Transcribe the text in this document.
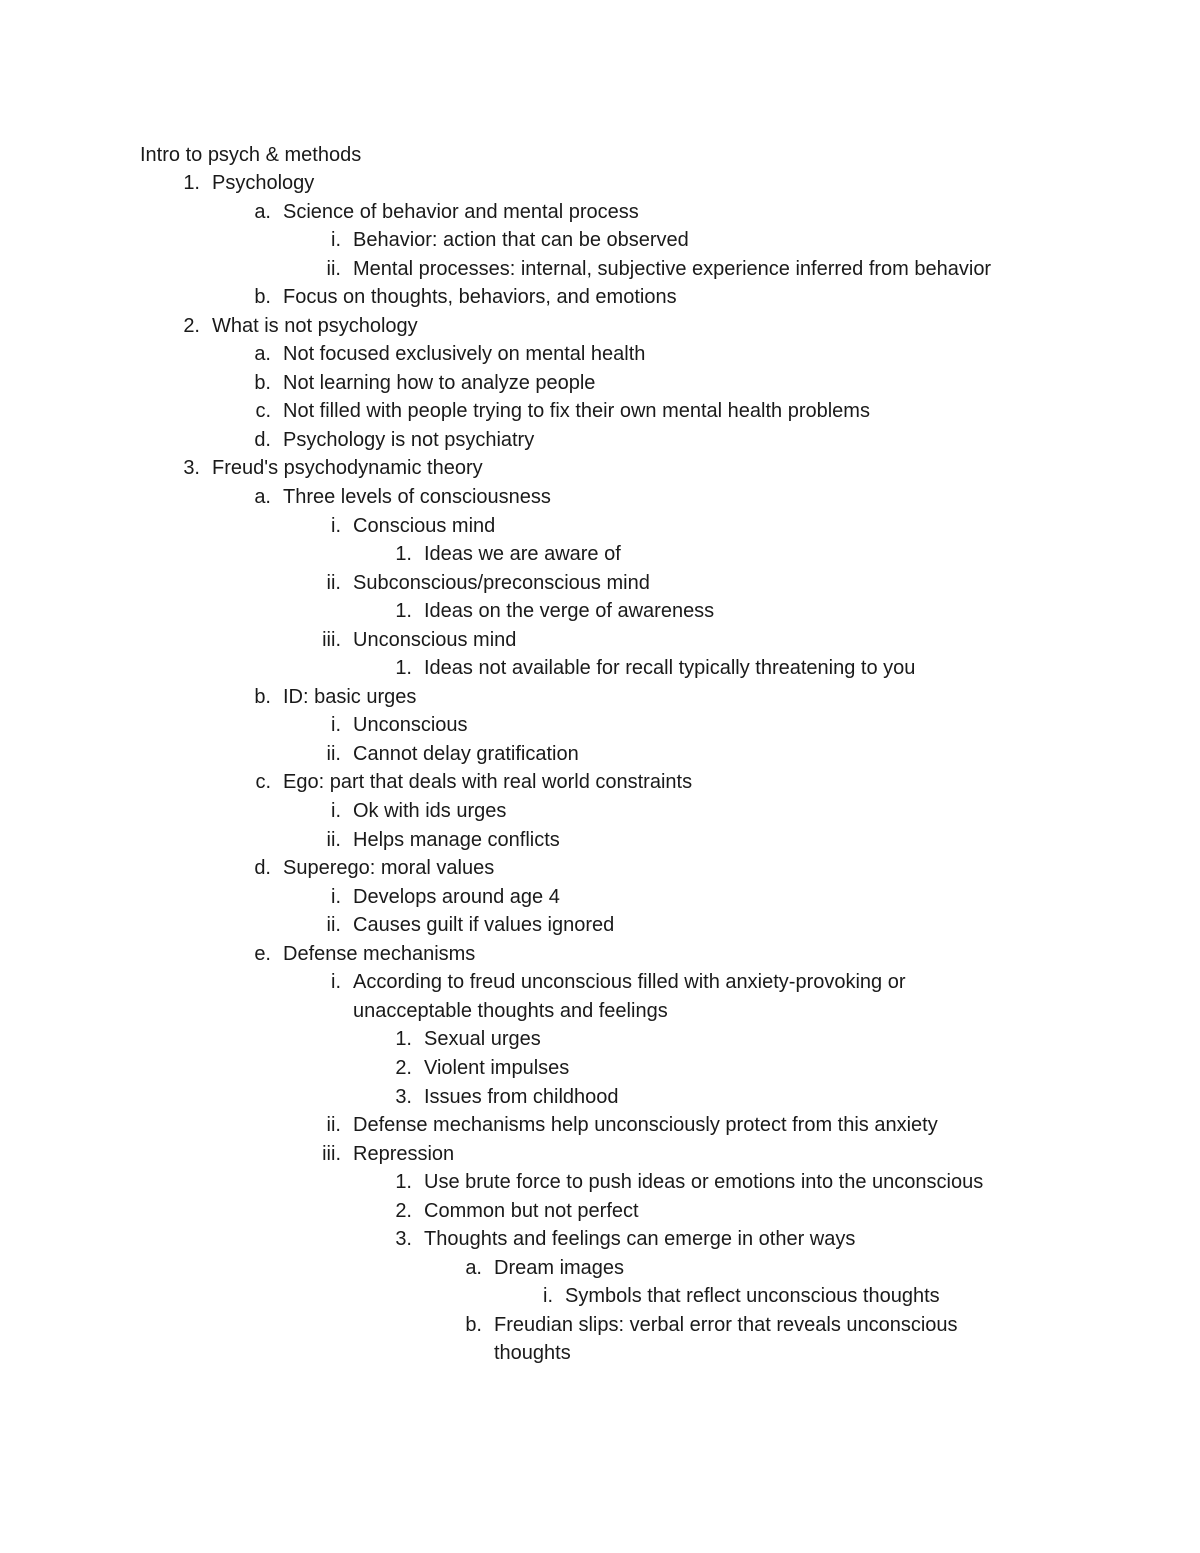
Intro to psych & methods
1. Psychology
a. Science of behavior and mental process
i. Behavior: action that can be observed
ii. Mental processes: internal, subjective experience inferred from behavior
b. Focus on thoughts, behaviors, and emotions
2. What is not psychology
a. Not focused exclusively on mental health
b. Not learning how to analyze people
c. Not filled with people trying to fix their own mental health problems
d. Psychology is not psychiatry
3. Freud's psychodynamic theory
a. Three levels of consciousness
i. Conscious mind
1. Ideas we are aware of
ii. Subconscious/preconscious mind
1. Ideas on the verge of awareness
iii. Unconscious mind
1. Ideas not available for recall typically threatening to you
b. ID: basic urges
i. Unconscious
ii. Cannot delay gratification
c. Ego: part that deals with real world constraints
i. Ok with ids urges
ii. Helps manage conflicts
d. Superego: moral values
i. Develops around age 4
ii. Causes guilt if values ignored
e. Defense mechanisms
i. According to freud unconscious filled with anxiety-provoking or unacceptable thoughts and feelings
1. Sexual urges
2. Violent impulses
3. Issues from childhood
ii. Defense mechanisms help unconsciously protect from this anxiety
iii. Repression
1. Use brute force to push ideas or emotions into the unconscious
2. Common but not perfect
3. Thoughts and feelings can emerge in other ways
a. Dream images
i. Symbols that reflect unconscious thoughts
b. Freudian slips: verbal error that reveals unconscious thoughts
